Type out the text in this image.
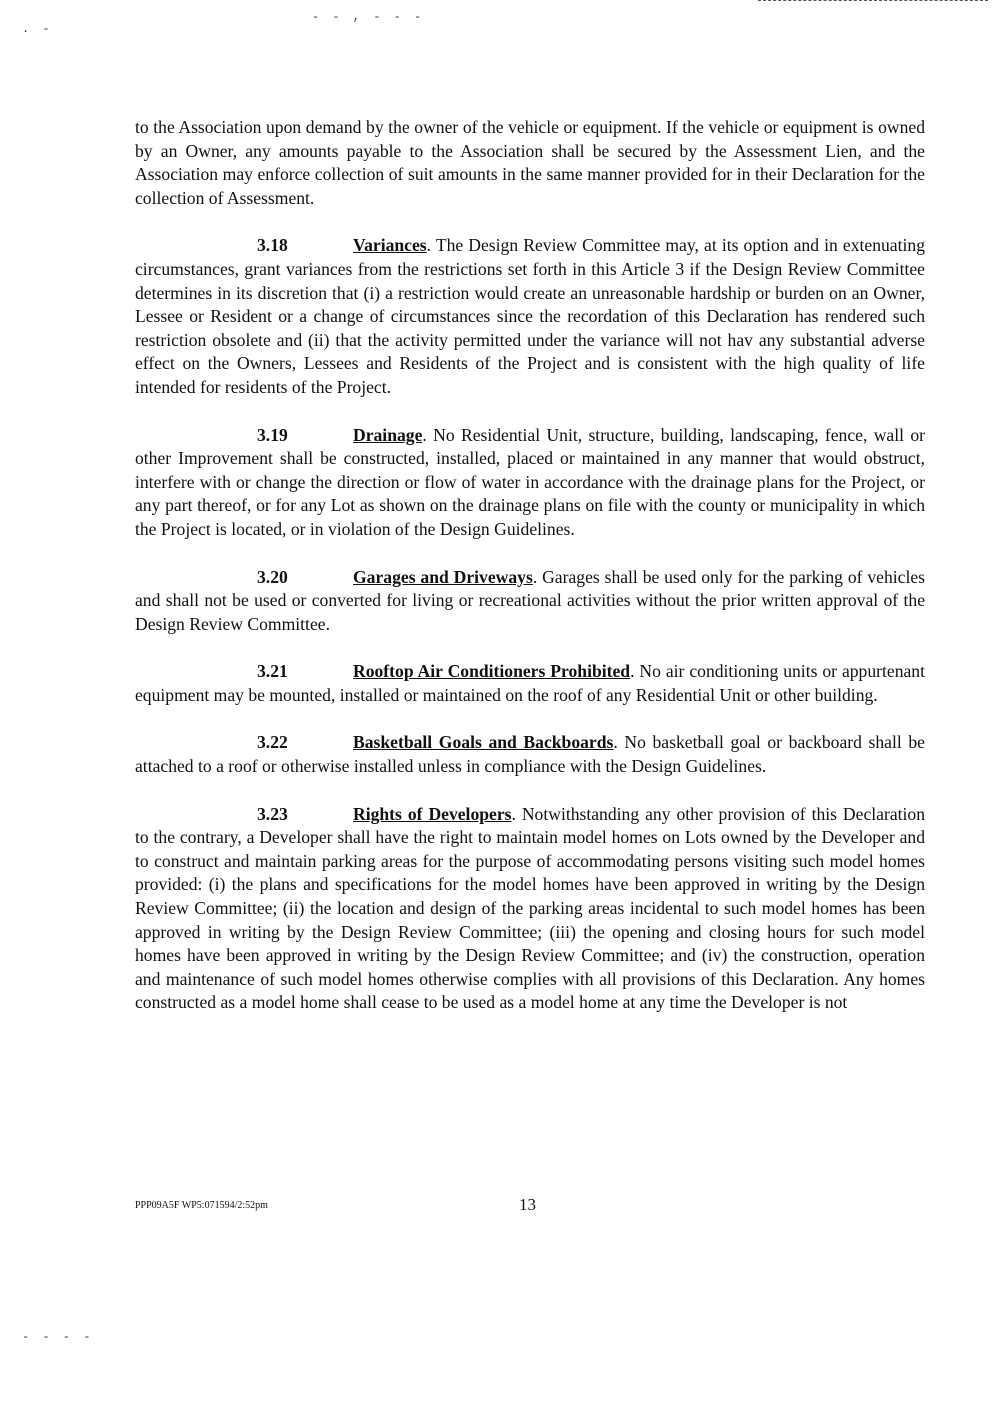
. -
- - , - - -

to the Association upon demand by the owner of the vehicle or equipment. If the vehicle or equipment is owned by an Owner, any amounts payable to the Association shall be secured by the Assessment Lien, and the Association may enforce collection of suit amounts in the same manner provided for in their Declaration for the collection of Assessment.

3.18	Variances. The Design Review Committee may, at its option and in extenuating circumstances, grant variances from the restrictions set forth in this Article 3 if the Design Review Committee determines in its discretion that (i) a restriction would create an unreasonable hardship or burden on an Owner, Lessee or Resident or a change of circumstances since the recordation of this Declaration has rendered such restriction obsolete and (ii) that the activity permitted under the variance will not hav any substantial adverse effect on the Owners, Lessees and Residents of the Project and is consistent with the high quality of life intended for residents of the Project.

3.19	Drainage. No Residential Unit, structure, building, landscaping, fence, wall or other Improvement shall be constructed, installed, placed or maintained in any manner that would obstruct, interfere with or change the direction or flow of water in accordance with the drainage plans for the Project, or any part thereof, or for any Lot as shown on the drainage plans on file with the county or municipality in which the Project is located, or in violation of the Design Guidelines.

3.20	Garages and Driveways. Garages shall be used only for the parking of vehicles and shall not be used or converted for living or recreational activities without the prior written approval of the Design Review Committee.

3.21	Rooftop Air Conditioners Prohibited. No air conditioning units or appurtenant equipment may be mounted, installed or maintained on the roof of any Residential Unit or other building.

3.22	Basketball Goals and Backboards. No basketball goal or backboard shall be attached to a roof or otherwise installed unless in compliance with the Design Guidelines.

3.23	Rights of Developers. Notwithstanding any other provision of this Declaration to the contrary, a Developer shall have the right to maintain model homes on Lots owned by the Developer and to construct and maintain parking areas for the purpose of accommodating persons visiting such model homes provided: (i) the plans and specifications for the model homes have been approved in writing by the Design Review Committee; (ii) the location and design of the parking areas incidental to such model homes has been approved in writing by the Design Review Committee; (iii) the opening and closing hours for such model homes have been approved in writing by the Design Review Committee; and (iv) the construction, operation and maintenance of such model homes otherwise complies with all provisions of this Declaration. Any homes constructed as a model home shall cease to be used as a model home at any time the Developer is not

PPP09A5F WP5:071594/2:52pm	13
- - - -
